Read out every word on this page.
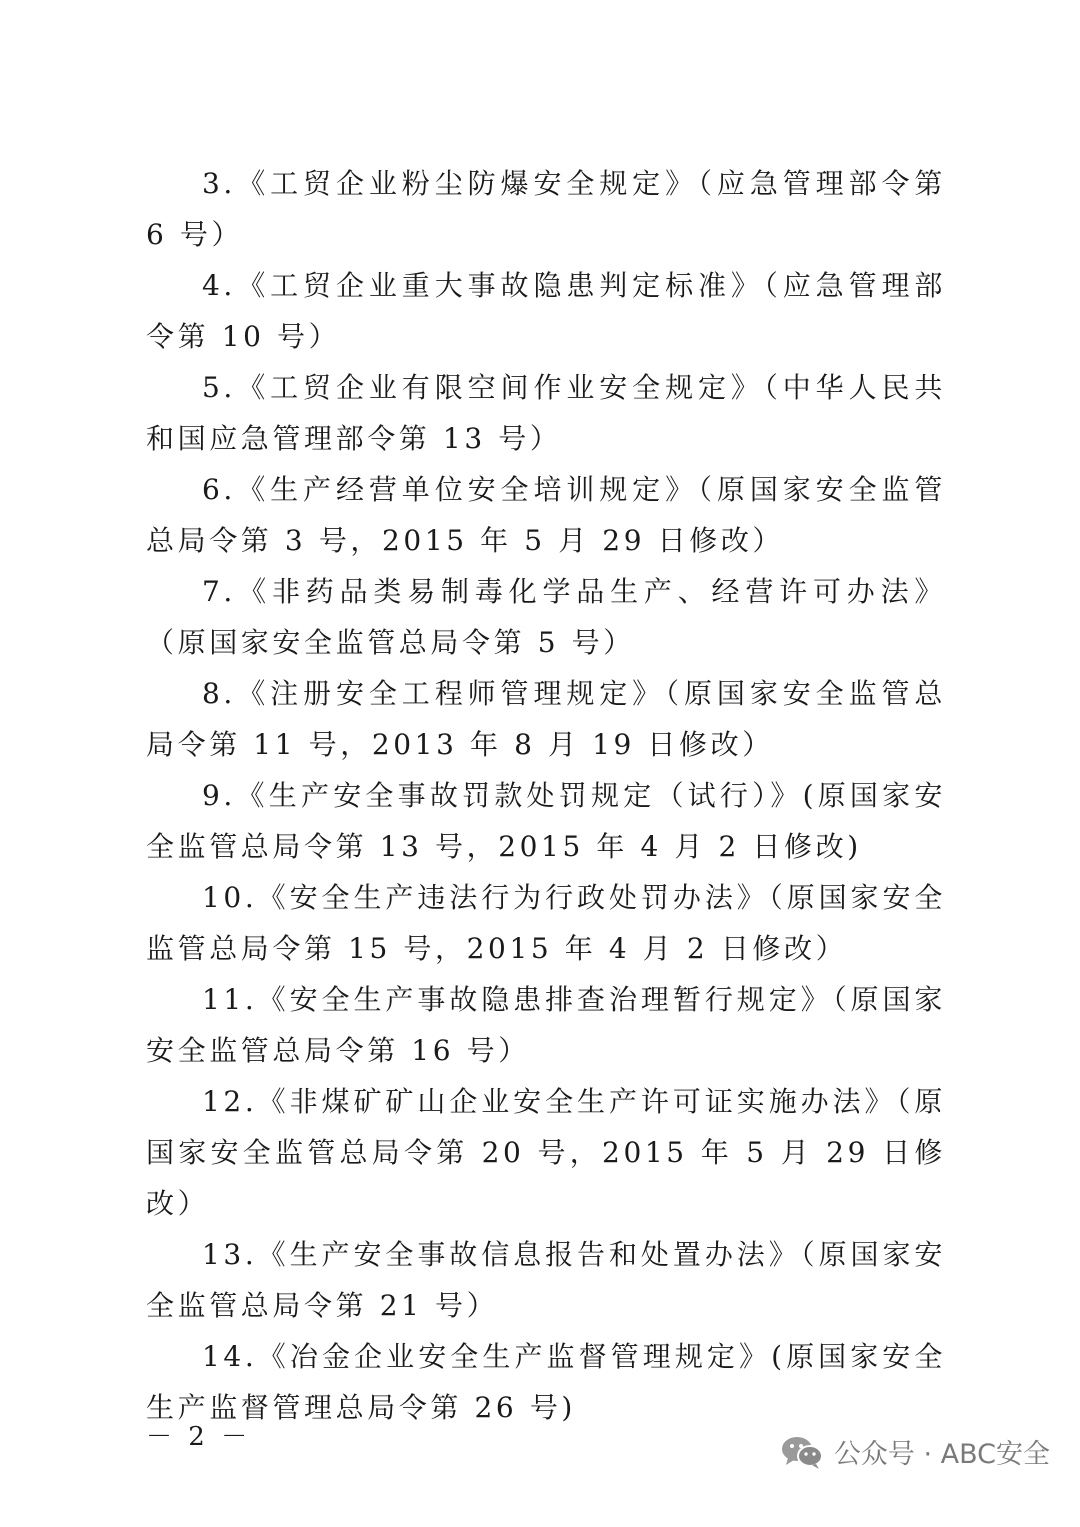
3.《工贸企业粉尘防爆安全规定》（应急管理部令第 6 号）

4.《工贸企业重大事故隐患判定标准》（应急管理部令第 10 号）

5.《工贸企业有限空间作业安全规定》（中华人民共和国应急管理部令第 13 号）

6.《生产经营单位安全培训规定》（原国家安全监管总局令第 3 号，2015 年 5 月 29 日修改）

7.《非药品类易制毒化学品生产、经营许可办法》（原国家安全监管总局令第 5 号）

8.《注册安全工程师管理规定》（原国家安全监管总局令第 11 号，2013 年 8 月 19 日修改）

9.《生产安全事故罚款处罚规定（试行）》(原国家安全监管总局令第 13 号，2015 年 4 月 2 日修改)

10.《安全生产违法行为行政处罚办法》（原国家安全监管总局令第 15 号，2015 年 4 月 2 日修改）

11.《安全生产事故隐患排查治理暂行规定》（原国家安全监管总局令第 16 号）

12.《非煤矿矿山企业安全生产许可证实施办法》（原国家安全监管总局令第 20 号，2015 年 5 月 29 日修改）

13.《生产安全事故信息报告和处置办法》（原国家安全监管总局令第 21 号）

14.《冶金企业安全生产监督管理规定》(原国家安全生产监督管理总局令第 26 号)

－ 2 －
公众号 · ABC安全
